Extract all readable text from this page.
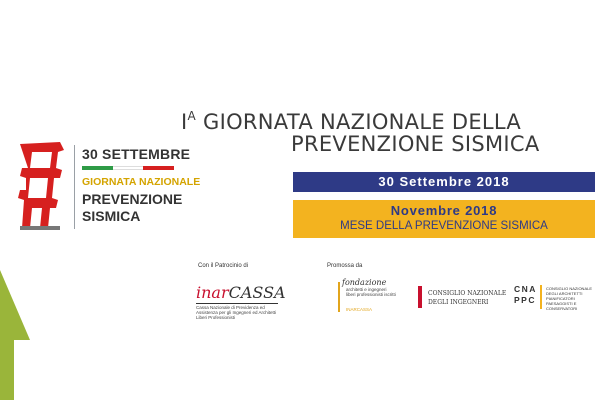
30 SETTEMBRE
GIORNATA NAZIONALE
PREVENZIONE
SISMICA
$I^A$ GIORNATA NAZIONALE DELLA
PREVENZIONE SISMICA
30 Settembre 2018
Novembre 2018
MESE DELLA PREVENZIONE SISMICA
Con il Patrocinio di	Promossa da
inarCASSA
Cassa Nazionale di Previdenza ed Assistenza per gli Ingegneri ed Architetti Liberi Professionisti
fondazione
architetti e ingegneri liberi professionisti iscritti
INARCASSA
CONSIGLIO NAZIONALE
DEGLI INGEGNERI
CNA
PPC
CONSIGLIO NAZIONALE DEGLI ARCHITETTI PIANIFICATORI PAESAGGISTI E CONSERVATORI
